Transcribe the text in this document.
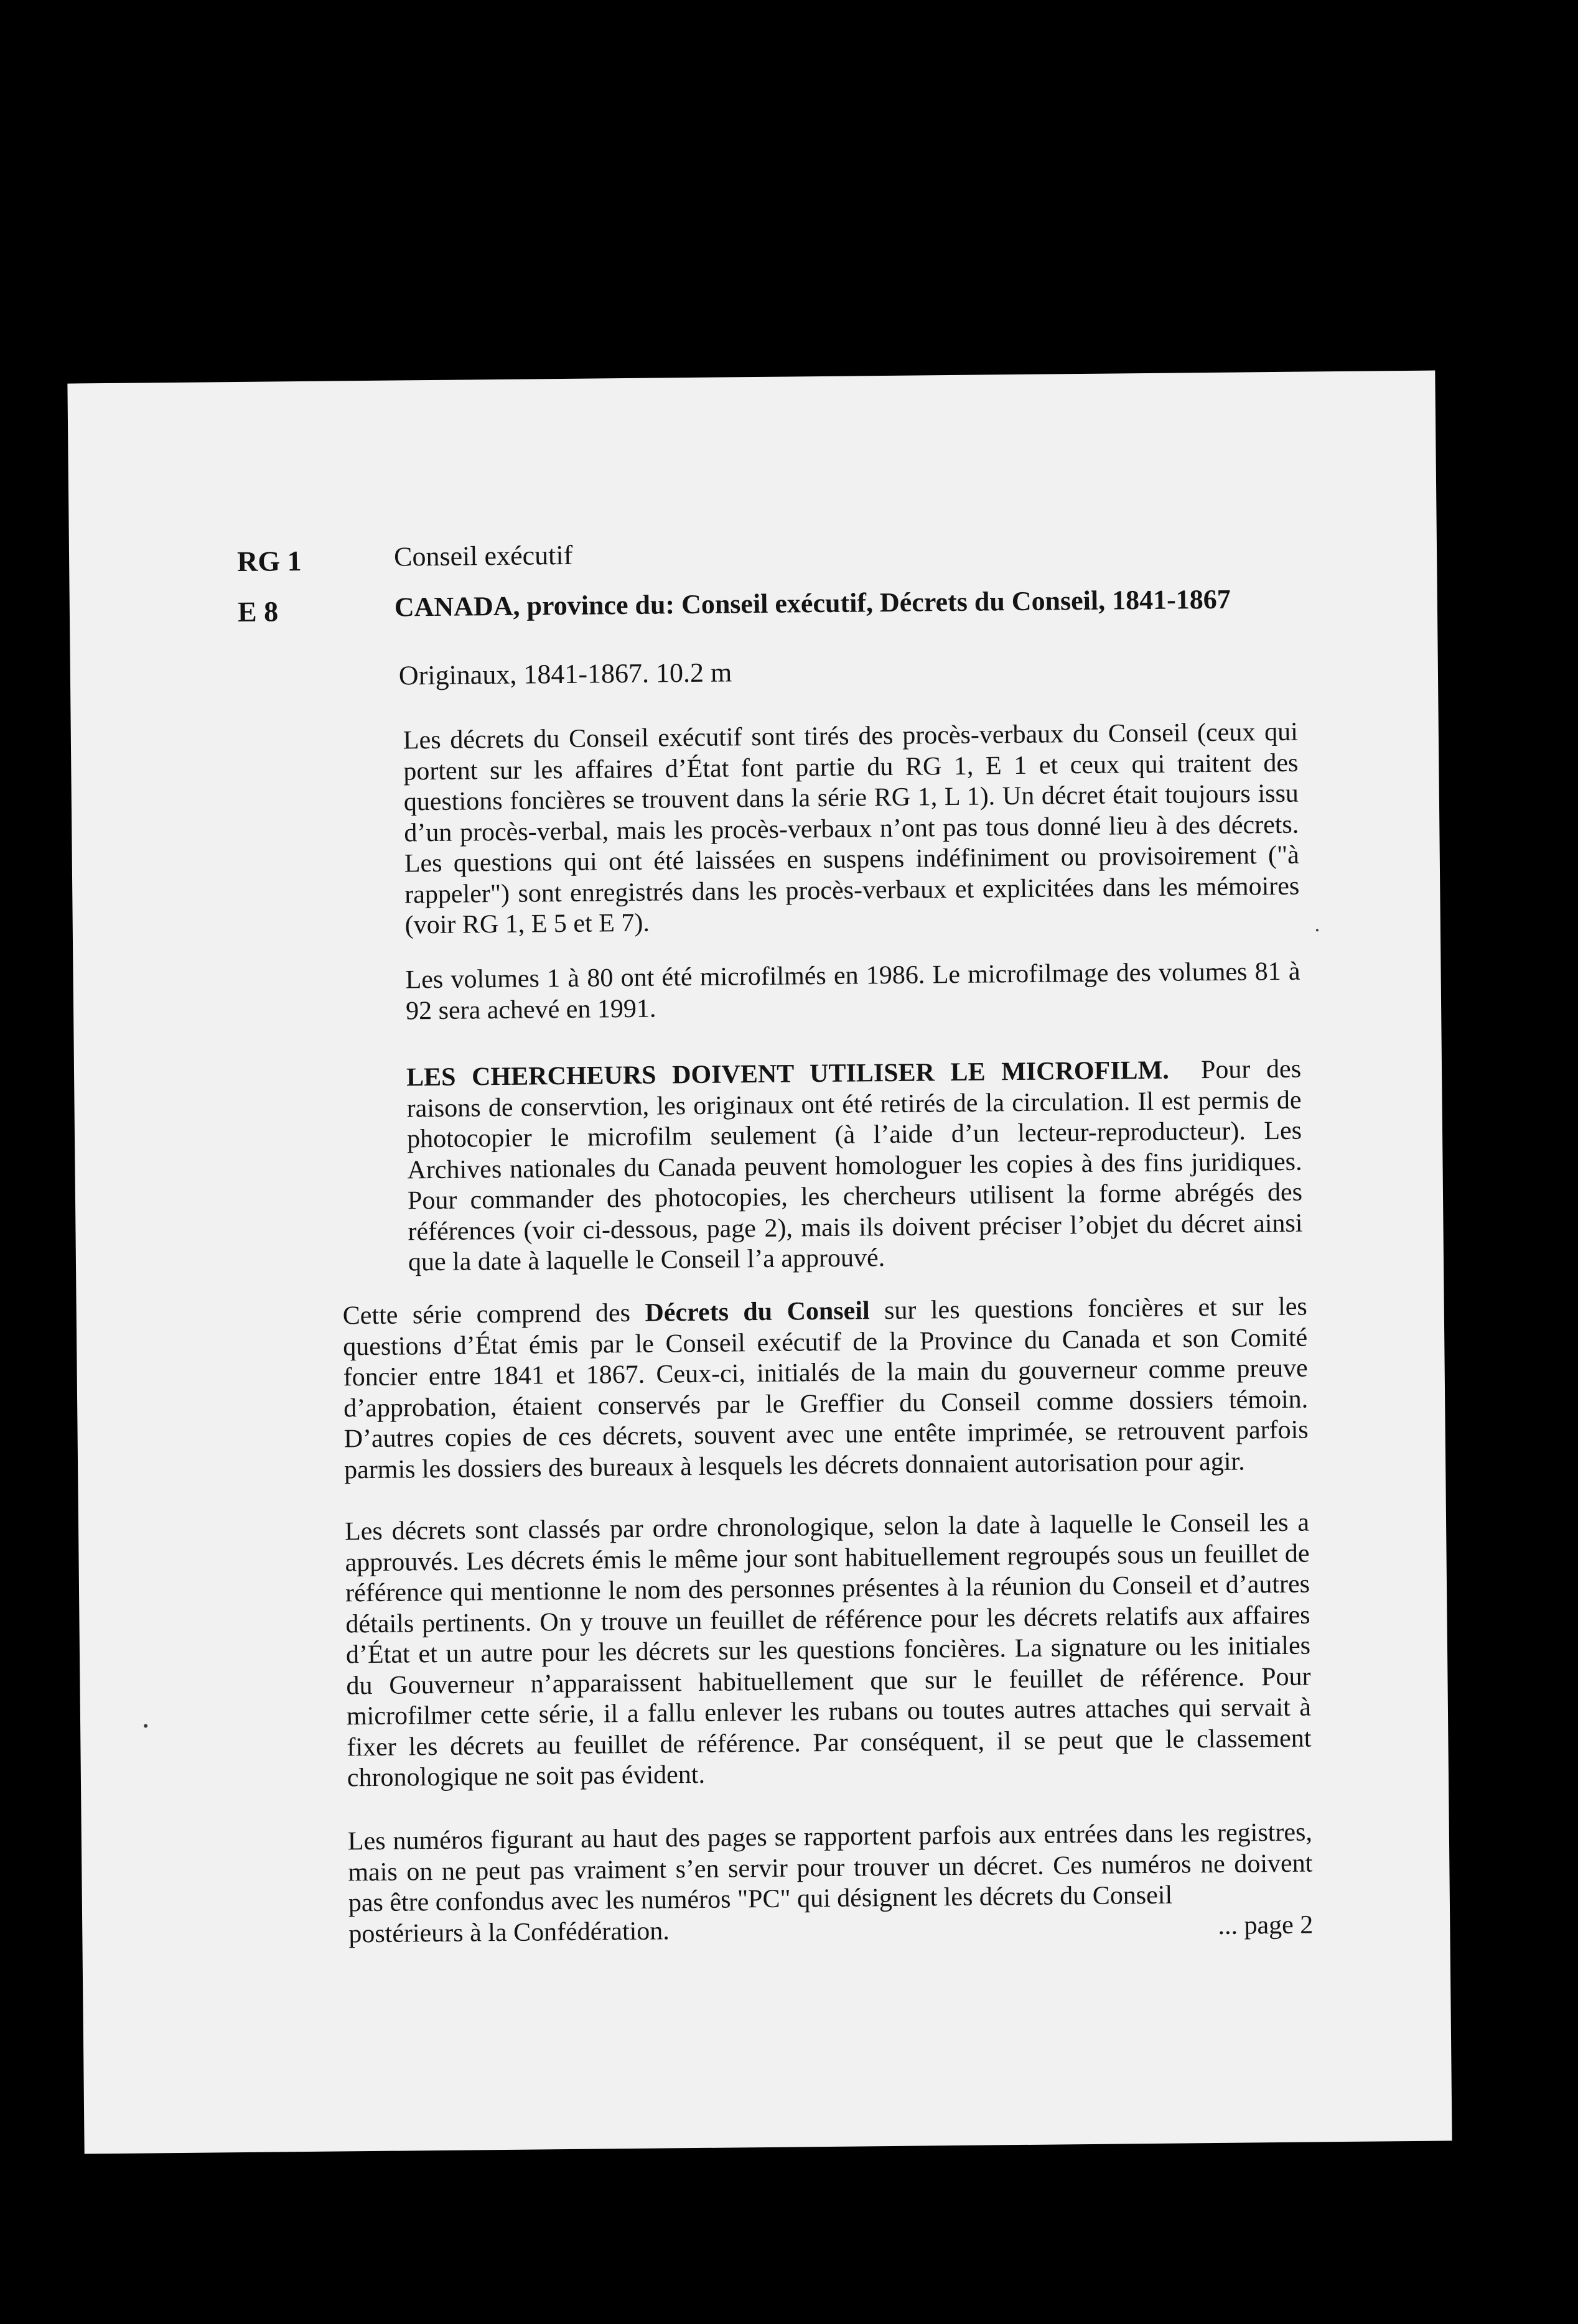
RG 1	Conseil exécutif
E 8	CANADA, province du: Conseil exécutif, Décrets du Conseil, 1841-1867
Originaux, 1841-1867. 10.2 m
Les décrets du Conseil exécutif sont tirés des procès-verbaux du Conseil (ceux qui portent sur les affaires d’État font partie du RG 1, E 1 et ceux qui traitent des questions foncières se trouvent dans la série RG 1, L 1). Un décret était toujours issu d’un procès-verbal, mais les procès-verbaux n’ont pas tous donné lieu à des décrets. Les questions qui ont été laissées en suspens indéfiniment ou provisoirement ("à rappeler") sont enregistrés dans les procès-verbaux et explicitées dans les mémoires (voir RG 1, E 5 et E 7).
Les volumes 1 à 80 ont été microfilmés en 1986. Le microfilmage des volumes 81 à 92 sera achevé en 1991.
LES CHERCHEURS DOIVENT UTILISER LE MICROFILM. Pour des raisons de conservtion, les originaux ont été retirés de la circulation. Il est permis de photocopier le microfilm seulement (à l’aide d’un lecteur-reproducteur). Les Archives nationales du Canada peuvent homologuer les copies à des fins juridiques. Pour commander des photocopies, les chercheurs utilisent la forme abrégés des références (voir ci-dessous, page 2), mais ils doivent préciser l’objet du décret ainsi que la date à laquelle le Conseil l’a approuvé.
Cette série comprend des Décrets du Conseil sur les questions foncières et sur les questions d’État émis par le Conseil exécutif de la Province du Canada et son Comité foncier entre 1841 et 1867. Ceux-ci, initialés de la main du gouverneur comme preuve d’approbation, étaient conservés par le Greffier du Conseil comme dossiers témoin. D’autres copies de ces décrets, souvent avec une entête imprimée, se retrouvent parfois parmis les dossiers des bureaux à lesquels les décrets donnaient autorisation pour agir.
Les décrets sont classés par ordre chronologique, selon la date à laquelle le Conseil les a approuvés. Les décrets émis le même jour sont habituellement regroupés sous un feuillet de référence qui mentionne le nom des personnes présentes à la réunion du Conseil et d’autres détails pertinents. On y trouve un feuillet de référence pour les décrets relatifs aux affaires d’État et un autre pour les décrets sur les questions foncières. La signature ou les initiales du Gouverneur n’apparaissent habituellement que sur le feuillet de référence. Pour microfilmer cette série, il a fallu enlever les rubans ou toutes autres attaches qui servait à fixer les décrets au feuillet de référence. Par conséquent, il se peut que le classement chronologique ne soit pas évident.
Les numéros figurant au haut des pages se rapportent parfois aux entrées dans les registres, mais on ne peut pas vraiment s’en servir pour trouver un décret. Ces numéros ne doivent pas être confondus avec les numéros "PC" qui désignent les décrets du Conseil
postérieurs à la Confédération.	... page 2
